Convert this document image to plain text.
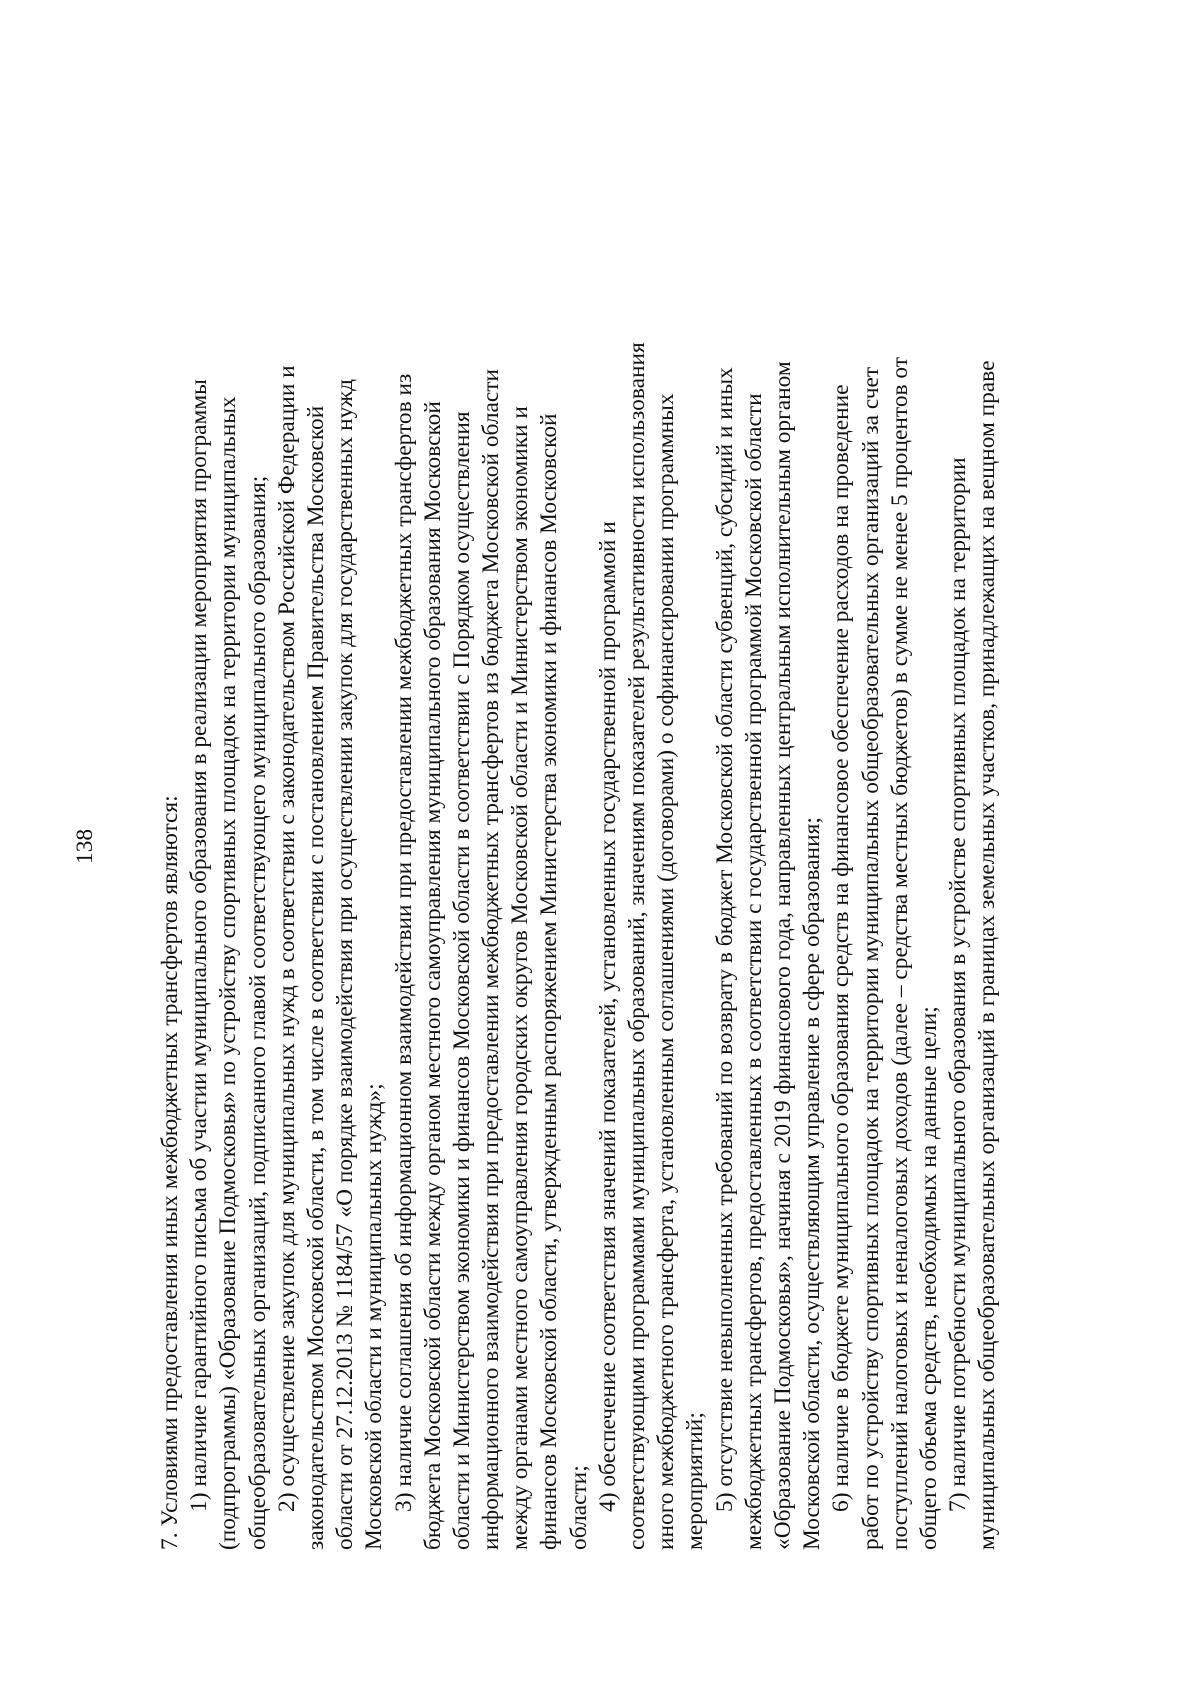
138	7. Условиями предоставления иных межбюджетных трансфертов являются: 1) наличие гарантийного письма об участии муниципального образования в реализации мероприятия программы (подпрограммы) «Образование Подмосковья» по устройству спортивных площадок на территории муниципальных общеобразовательных организаций, подписанного главой соответствующего муниципального образования; 2) осуществление закупок для муниципальных нужд в соответствии с законодательством Российской Федерации и законодательством Московской области, в том числе в соответствии с постановлением Правительства Московской области от 27.12.2013 № 1184/57 «О порядке взаимодействия при осуществлении закупок для государственных нужд Московской области и муниципальных нужд»; 3) наличие соглашения об информационном взаимодействии при предоставлении межбюджетных трансфертов из бюджета Московской области между органом местного самоуправления муниципального образования Московской области и Министерством экономики и финансов Московской области в соответствии с Порядком осуществления информационного взаимодействия при предоставлении межбюджетных трансфертов из бюджета Московской области между органами местного самоуправления городских округов Московской области и Министерством экономики и финансов Московской области, утвержденным распоряжением Министерства экономики и финансов Московской области; 4) обеспечение соответствия значений показателей, установленных государственной программой и соответствующими программами муниципальных образований, значениям показателей результативности использования иного межбюджетного трансферта, установленным соглашениями (договорами) о софинансировании программных мероприятий; 5) отсутствие невыполненных требований по возврату в бюджет Московской области субвенций, субсидий и иных межбюджетных трансфертов, предоставленных в соответствии с государственной программой Московской области «Образование Подмосковья», начиная с 2019 финансового года, направленных центральным исполнительным органом Московской области, осуществляющим управление в сфере образования; 6) наличие в бюджете муниципального образования средств на финансовое обеспечение расходов на проведение работ по устройству спортивных площадок на территории муниципальных общеобразовательных организаций за счет поступлений налоговых и неналоговых доходов (далее – средства местных бюджетов) в сумме не менее 5 процентов от общего объема средств, необходимых на данные цели; 7) наличие потребности муниципального образования в устройстве спортивных площадок на территории муниципальных общеобразовательных организаций в границах земельных участков, принадлежащих на вещном праве
